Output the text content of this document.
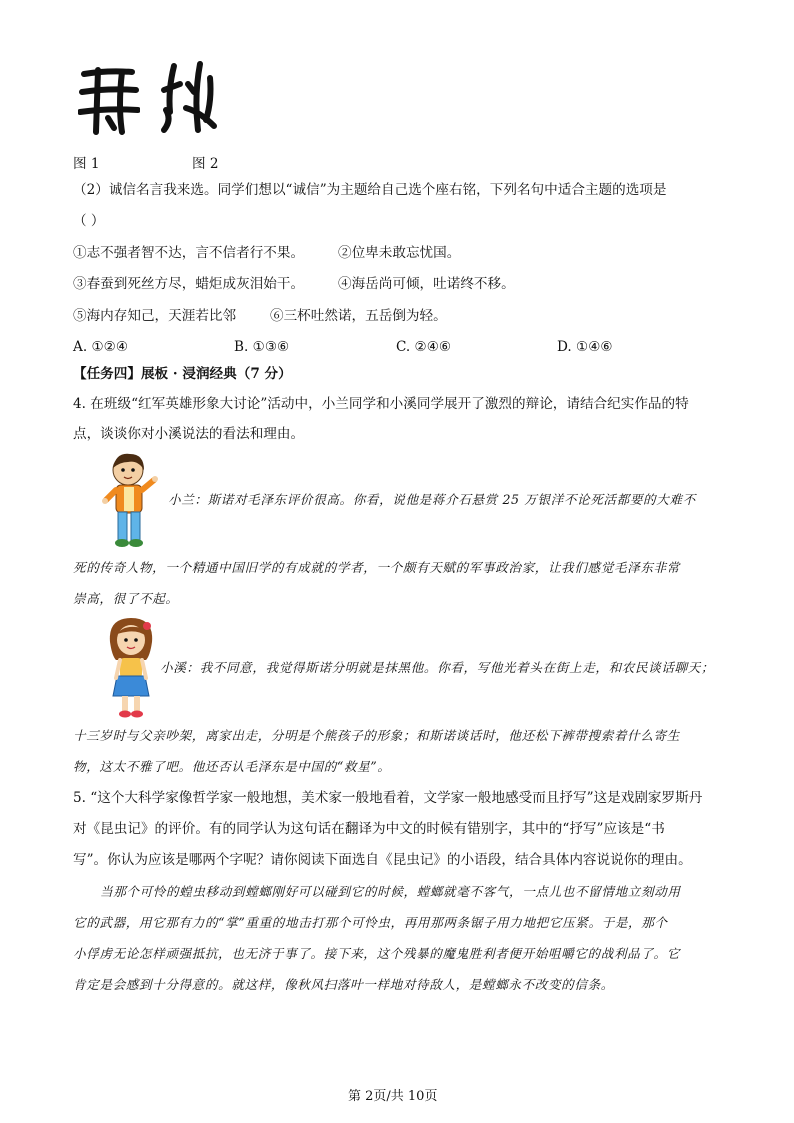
图 1	图 2
（2）诚信名言我来选。同学们想以“诚信”为主题给自己选个座右铭，下列名句中适合主题的选项是
（ ）
①志不强者智不达，言不信者行不果。 ②位卑未敢忘忧国。
③春蚕到死丝方尽，蜡炬成灰泪始干。 ④海岳尚可倾，吐诺终不移。
⑤海内存知己，天涯若比邻 ⑥三杯吐然诺，五岳倒为轻。
A. ①②④	B. ①③⑥	C. ②④⑥	D. ①④⑥
【任务四】展板 · 浸润经典（7 分）
4. 在班级“红军英雄形象大讨论”活动中，小兰同学和小溪同学展开了激烈的辩论，请结合纪实作品的特
点，谈谈你对小溪说法的看法和理由。
小兰：斯诺对毛泽东评价很高。你看，说他是蒋介石悬赏 25 万银洋不论死活都要的大难不
死的传奇人物，一个精通中国旧学的有成就的学者，一个颇有天赋的军事政治家，让我们感觉毛泽东非常
崇高，很了不起。
小溪：我不同意，我觉得斯诺分明就是抹黑他。你看，写他光着头在街上走，和农民谈话聊天；
十三岁时与父亲吵架，离家出走，分明是个熊孩子的形象；和斯诺谈话时，他还松下裤带搜索着什么寄生
物，这太不雅了吧。他还否认毛泽东是中国的“救星”。
5. “这个大科学家像哲学家一般地想，美术家一般地看着，文学家一般地感受而且抒写”这是戏剧家罗斯丹
对《昆虫记》的评价。有的同学认为这句话在翻译为中文的时候有错别字，其中的“抒写”应该是“书
写”。你认为应该是哪两个字呢？请你阅读下面选自《昆虫记》的小语段，结合具体内容说说你的理由。
当那个可怜的蝗虫移动到螳螂刚好可以碰到它的时候，螳螂就毫不客气，一点儿也不留情地立刻动用
它的武器，用它那有力的“掌”重重的地击打那个可怜虫，再用那两条锯子用力地把它压紧。于是，那个
小俘虏无论怎样顽强抵抗，也无济于事了。接下来，这个残暴的魔鬼胜利者便开始咀嚼它的战利品了。它
肯定是会感到十分得意的。就这样，像秋风扫落叶一样地对待敌人，是螳螂永不改变的信条。
第 2页/共 10页
